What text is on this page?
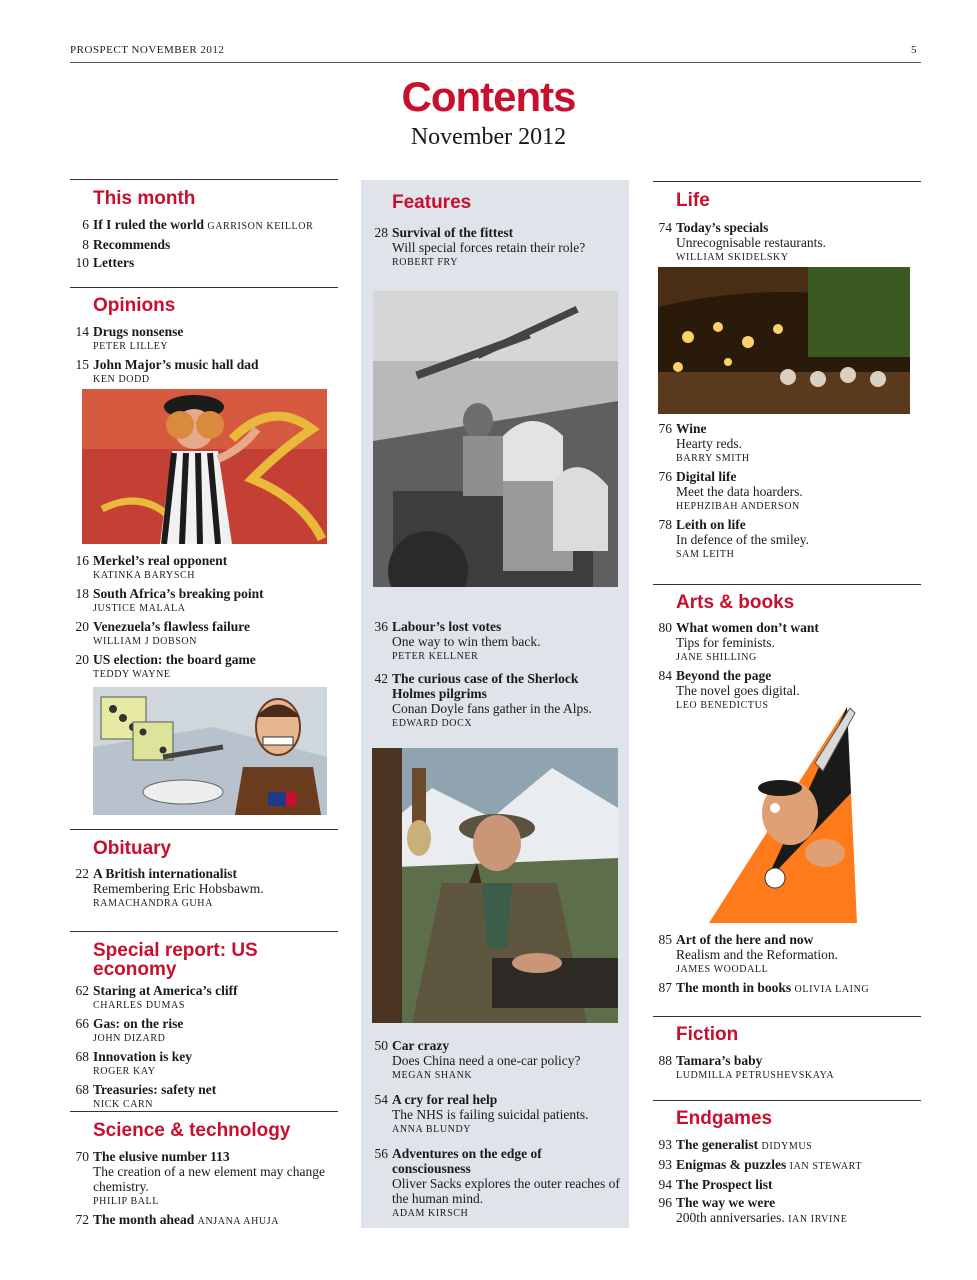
PROSPECT NOVEMBER 2012	5
Contents
November 2012
This month
6 If I ruled the world GARRISON KEILLOR
8 Recommends
10 Letters
Opinions
14 Drugs nonsense
PETER LILLEY
15 John Major’s music hall dad
KEN DODD
16 Merkel’s real opponent
KATINKA BARYSCH
18 South Africa’s breaking point
JUSTICE MALALA
20 Venezuela’s flawless failure
WILLIAM J DOBSON
20 US election: the board game
TEDDY WAYNE
Obituary
22 A British internationalist
Remembering Eric Hobsbawm.
RAMACHANDRA GUHA
Special report: US economy
62 Staring at America’s cliff
CHARLES DUMAS
66 Gas: on the rise
JOHN DIZARD
68 Innovation is key
ROGER KAY
68 Treasuries: safety net
NICK CARN
Science & technology
70 The elusive number 113
The creation of a new element may change chemistry.
PHILIP BALL
72 The month ahead ANJANA AHUJA
Features
28 Survival of the fittest
Will special forces retain their role?
ROBERT FRY
36 Labour’s lost votes
One way to win them back.
PETER KELLNER
42 The curious case of the Sherlock Holmes pilgrims
Conan Doyle fans gather in the Alps.
EDWARD DOCX
50 Car crazy
Does China need a one-car policy?
MEGAN SHANK
54 A cry for real help
The NHS is failing suicidal patients.
ANNA BLUNDY
56 Adventures on the edge of consciousness
Oliver Sacks explores the outer reaches of the human mind.
ADAM KIRSCH
Life
74 Today’s specials
Unrecognisable restaurants.
WILLIAM SKIDELSKY
76 Wine
Hearty reds.
BARRY SMITH
76 Digital life
Meet the data hoarders.
HEPHZIBAH ANDERSON
78 Leith on life
In defence of the smiley.
SAM LEITH
Arts & books
80 What women don’t want
Tips for feminists.
JANE SHILLING
84 Beyond the page
The novel goes digital.
LEO BENEDICTUS
85 Art of the here and now
Realism and the Reformation.
JAMES WOODALL
87 The month in books OLIVIA LAING
Fiction
88 Tamara’s baby
LUDMILLA PETRUSHEVSKAYA
Endgames
93 The generalist DIDYMUS
93 Enigmas & puzzles IAN STEWART
94 The Prospect list
96 The way we were
200th anniversaries. IAN IRVINE
